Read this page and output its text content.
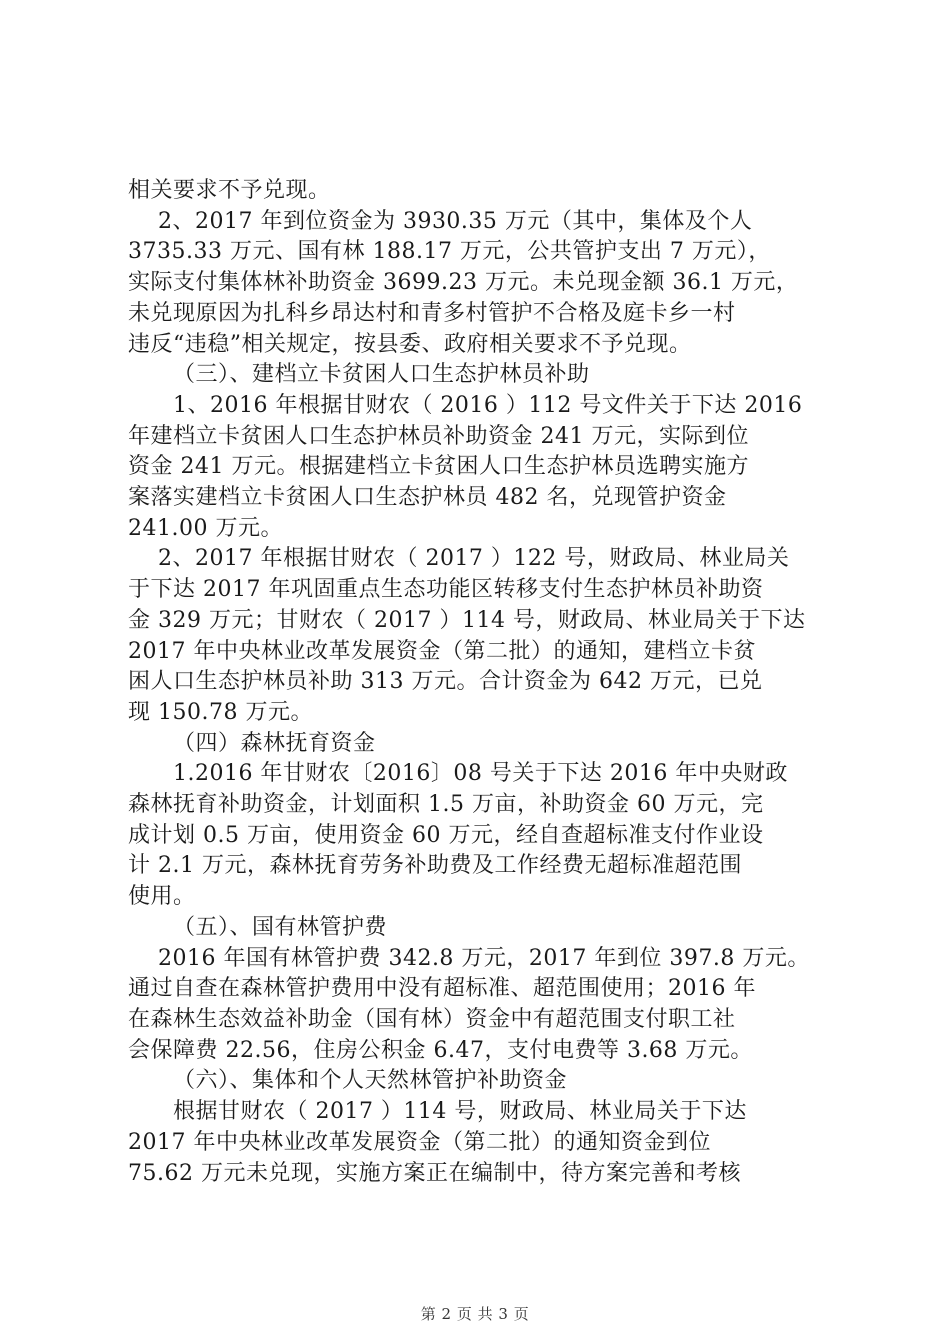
相关要求不予兑现。
2、2017 年到位资金为 3930.35 万元（其中，集体及个人
3735.33 万元、国有林 188.17 万元，公共管护支出 7 万元），
实际支付集体林补助资金 3699.23 万元。未兑现金额 36.1 万元，
未兑现原因为扎科乡昂达村和青多村管护不合格及庭卡乡一村
违反“违稳”相关规定，按县委、政府相关要求不予兑现。
（三）、建档立卡贫困人口生态护林员补助
1、2016 年根据甘财农（ 2016 ）112 号文件关于下达 2016
年建档立卡贫困人口生态护林员补助资金 241 万元，实际到位
资金 241 万元。根据建档立卡贫困人口生态护林员选聘实施方
案落实建档立卡贫困人口生态护林员 482 名，兑现管护资金
241.00 万元。
2、2017 年根据甘财农（ 2017 ）122 号，财政局、林业局关
于下达 2017 年巩固重点生态功能区转移支付生态护林员补助资
金 329 万元；甘财农（ 2017 ）114 号，财政局、林业局关于下达
2017 年中央林业改革发展资金（第二批）的通知，建档立卡贫
困人口生态护林员补助 313 万元。合计资金为 642 万元，已兑
现 150.78 万元。
（四）森林抚育资金
1.2016 年甘财农〔2016〕08 号关于下达 2016 年中央财政
森林抚育补助资金，计划面积 1.5 万亩，补助资金 60 万元，完
成计划 0.5 万亩，使用资金 60 万元，经自查超标准支付作业设
计 2.1 万元，森林抚育劳务补助费及工作经费无超标准超范围
使用。
（五）、国有林管护费
2016 年国有林管护费 342.8 万元，2017 年到位 397.8 万元。
通过自查在森林管护费用中没有超标准、超范围使用；2016 年
在森林生态效益补助金（国有林）资金中有超范围支付职工社
会保障费 22.56，住房公积金 6.47，支付电费等 3.68 万元。
（六）、集体和个人天然林管护补助资金
根据甘财农（ 2017 ）114 号，财政局、林业局关于下达
2017 年中央林业改革发展资金（第二批）的通知资金到位
75.62 万元未兑现，实施方案正在编制中，待方案完善和考核
第 2 页 共 3 页
